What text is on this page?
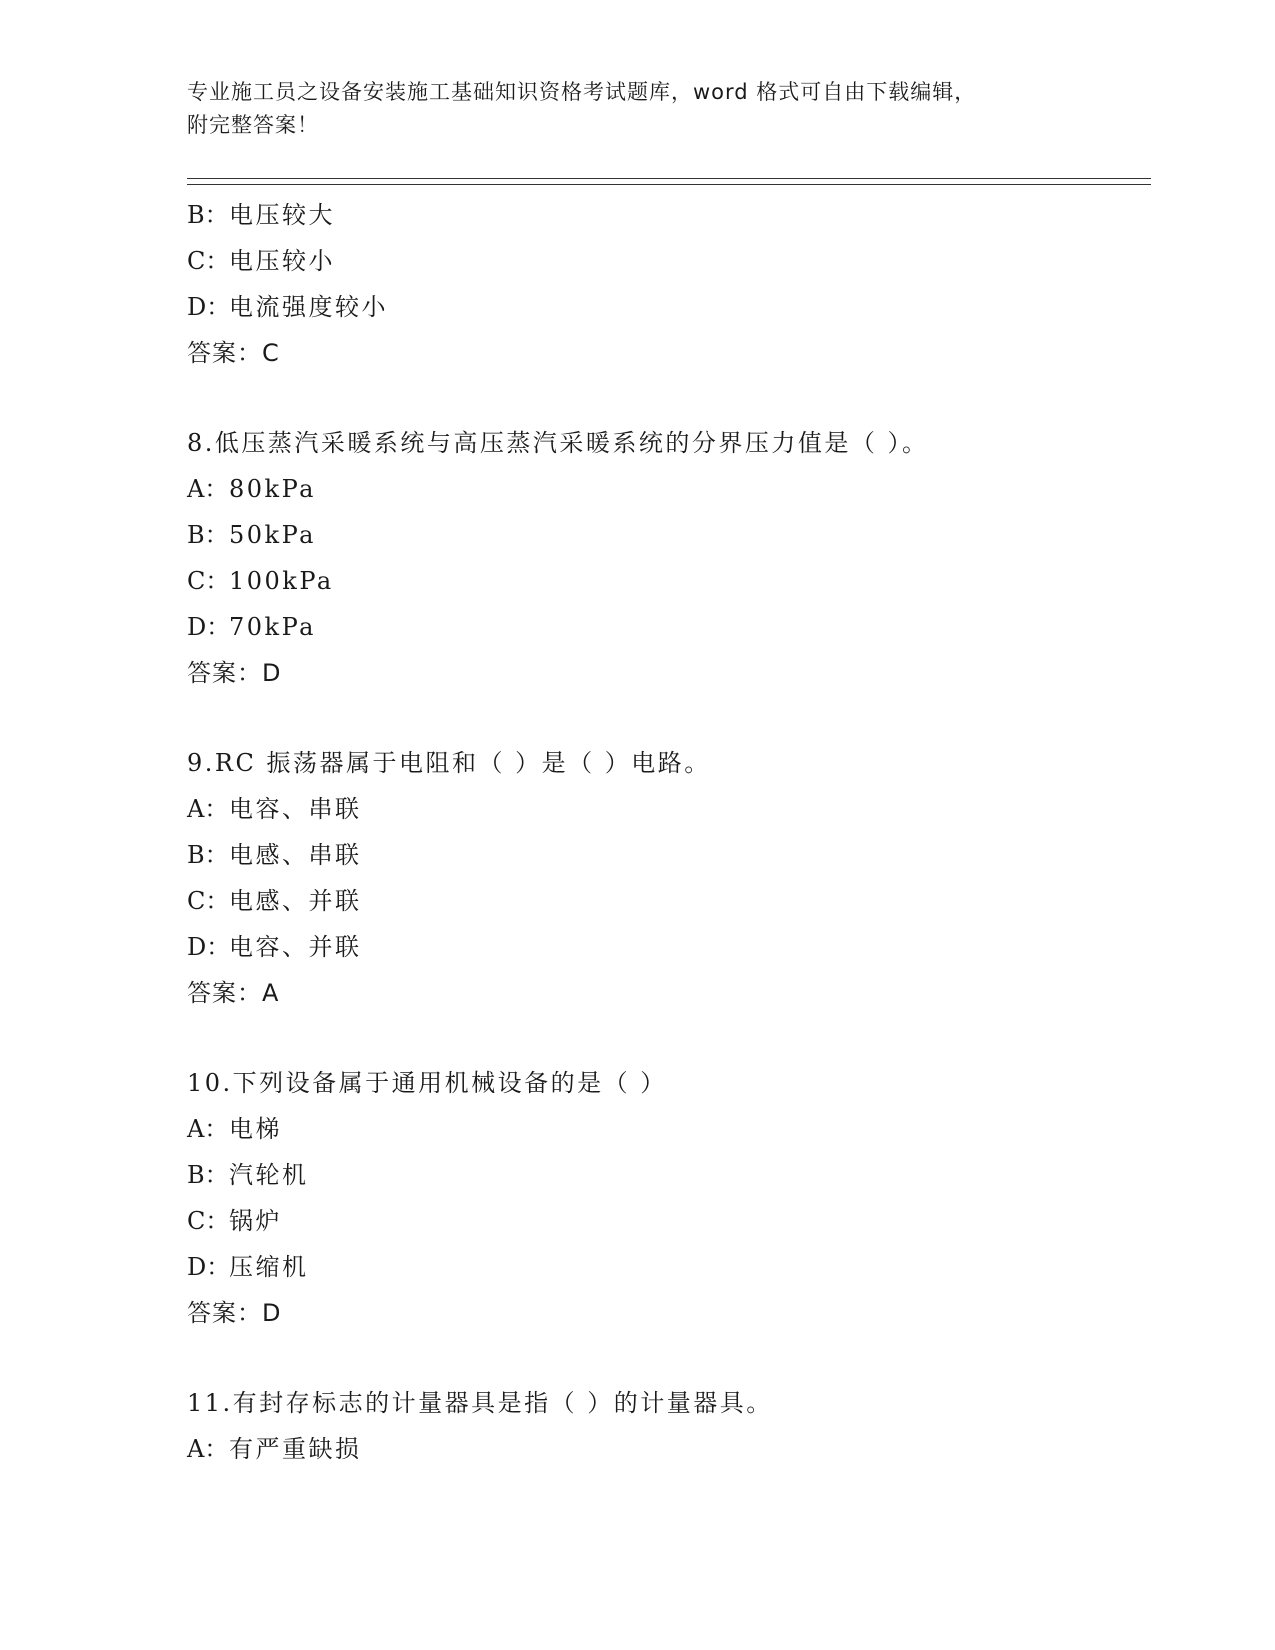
专业施工员之设备安装施工基础知识资格考试题库，word 格式可自由下载编辑，
附完整答案！
B：电压较大
C：电压较小
D：电流强度较小
答案：C
8.低压蒸汽采暖系统与高压蒸汽采暖系统的分界压力值是（ ）。
A：80kPa
B：50kPa
C：100kPa
D：70kPa
答案：D
9.RC 振荡器属于电阻和（ ）是（ ）电路。
A：电容、串联
B：电感、串联
C：电感、并联
D：电容、并联
答案：A
10.下列设备属于通用机械设备的是（ ）
A：电梯
B：汽轮机
C：锅炉
D：压缩机
答案：D
11.有封存标志的计量器具是指（ ）的计量器具。
A：有严重缺损
